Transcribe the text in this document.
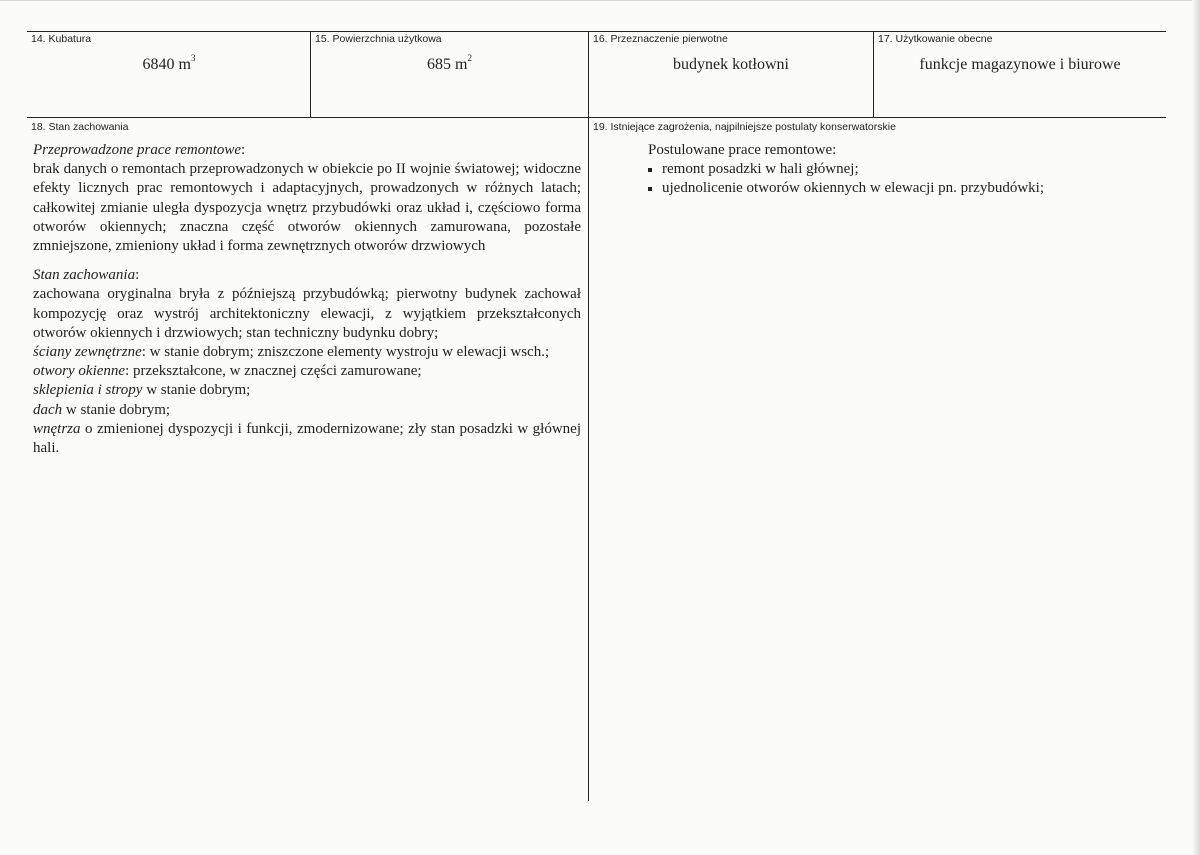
14. Kubatura	15. Powierzchnia użytkowa	16. Przeznaczenie pierwotne	17. Użytkowanie obecne
6840 $m^3$	685 $m^2$	budynek kotłowni	funkcje magazynowe i biurowe
18. Stan zachowania	19. Istniejące zagrożenia, najpilniejsze postulaty konserwatorskie

Przeprowadzone prace remontowe:
brak danych o remontach przeprowadzonych w obiekcie po II wojnie światowej; widoczne efekty licznych prac remontowych i adaptacyjnych, prowadzonych w różnych latach; całkowitej zmianie uległa dyspozycja wnętrz przybudówki oraz układ i, częściowo forma otworów okiennych; znaczna część otworów okiennych zamurowana, pozostałe zmniejszone, zmieniony układ i forma zewnętrznych otworów drzwiowych

Stan zachowania:
zachowana oryginalna bryła z późniejszą przybudówką; pierwotny budynek zachował kompozycję oraz wystrój architektoniczny elewacji, z wyjątkiem przekształconych otworów okiennych i drzwiowych; stan techniczny budynku dobry;
ściany zewnętrzne: w stanie dobrym; zniszczone elementy wystroju w elewacji wsch.;
otwory okienne: przekształcone, w znacznej części zamurowane;
sklepienia i stropy w stanie dobrym;
dach w stanie dobrym;
wnętrza o zmienionej dyspozycji i funkcji, zmodernizowane; zły stan posadzki w głównej hali.

Postulowane prace remontowe:
remont posadzki w hali głównej;
ujednolicenie otworów okiennych w elewacji pn. przybudówki;
